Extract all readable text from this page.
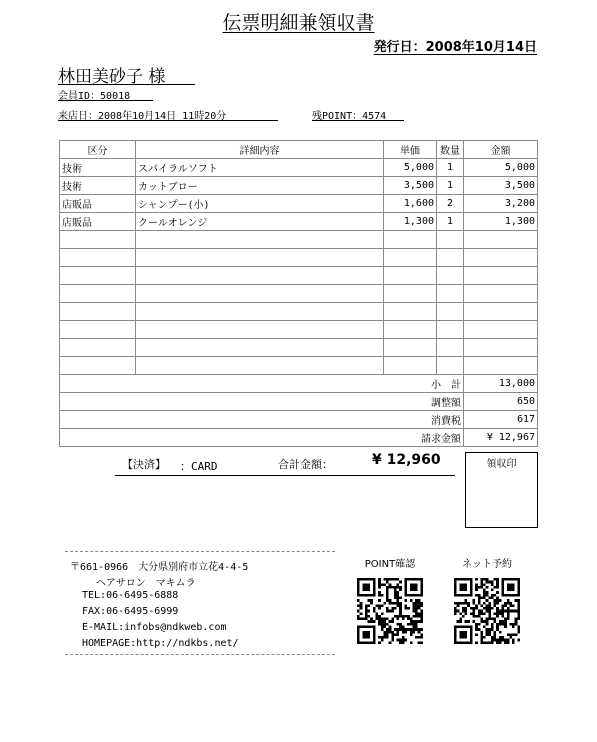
伝票明細兼領収書
発行日：2008年10月14日
林田美砂子 様
会員ID：50018
来店日：2008年10月14日 11時20分	残POINT：4574
区分	詳細内容	単価	数量	金額
技術	スパイラルソフト	5,000	1	5,000
技術	カットブロー	3,500	1	3,500
店販品	シャンプー(小)	1,600	2	3,200
店販品	クールオレンジ	1,300	1	1,300

小　計				13,000
調整額				650
消費税				617
請求金額				¥ 12,967
【決済】 ：CARD	合計金額：	¥ 12,960	領収印
〒661-0966　大分県別府市立花4-4-5
ヘアサロン　マキムラ
TEL:06-6495-6888
FAX:06-6495-6999
E-MAIL:infobs@ndkweb.com
HOMEPAGE:http://ndkbs.net/
POINT確認	ネット予約
